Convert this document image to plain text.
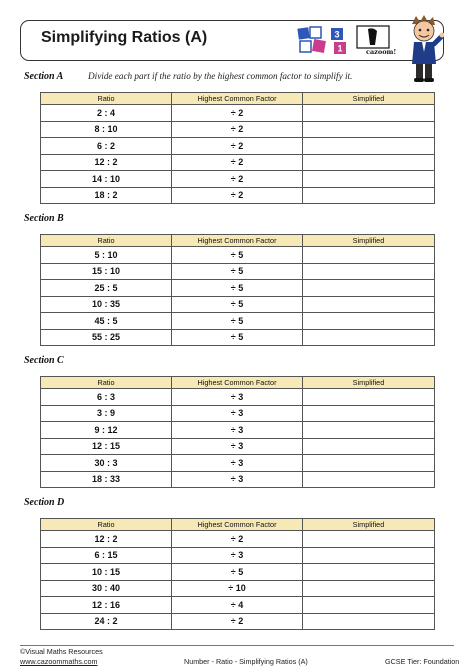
Simplifying Ratios (A)	3
1	cazoom!
Section A	Divide each part if the ratio by the highest common factor to simplify it.
Ratio	Highest Common Factor	Simplified
2 : 4	÷ 2	
8 : 10	÷ 2	
6 : 2	÷ 2	
12 : 2	÷ 2	
14 : 10	÷ 2	
18 : 2	÷ 2	
Section B
Ratio	Highest Common Factor	Simplified
5 : 10	÷ 5	
15 : 10	÷ 5	
25 : 5	÷ 5	
10 : 35	÷ 5	
45 : 5	÷ 5	
55 : 25	÷ 5	
Section C
Ratio	Highest Common Factor	Simplified
6 : 3	÷ 3	
3 : 9	÷ 3	
9 : 12	÷ 3	
12 : 15	÷ 3	
30 : 3	÷ 3	
18 : 33	÷ 3	
Section D
Ratio	Highest Common Factor	Simplified
12 : 2	÷ 2	
6 : 15	÷ 3	
10 : 15	÷ 5	
30 : 40	÷ 10	
12 : 16	÷ 4	
24 : 2	÷ 2	
©Visual Maths Resources
www.cazoommaths.com	Number - Ratio - Simplifying Ratios (A)	GCSE Tier: Foundation
